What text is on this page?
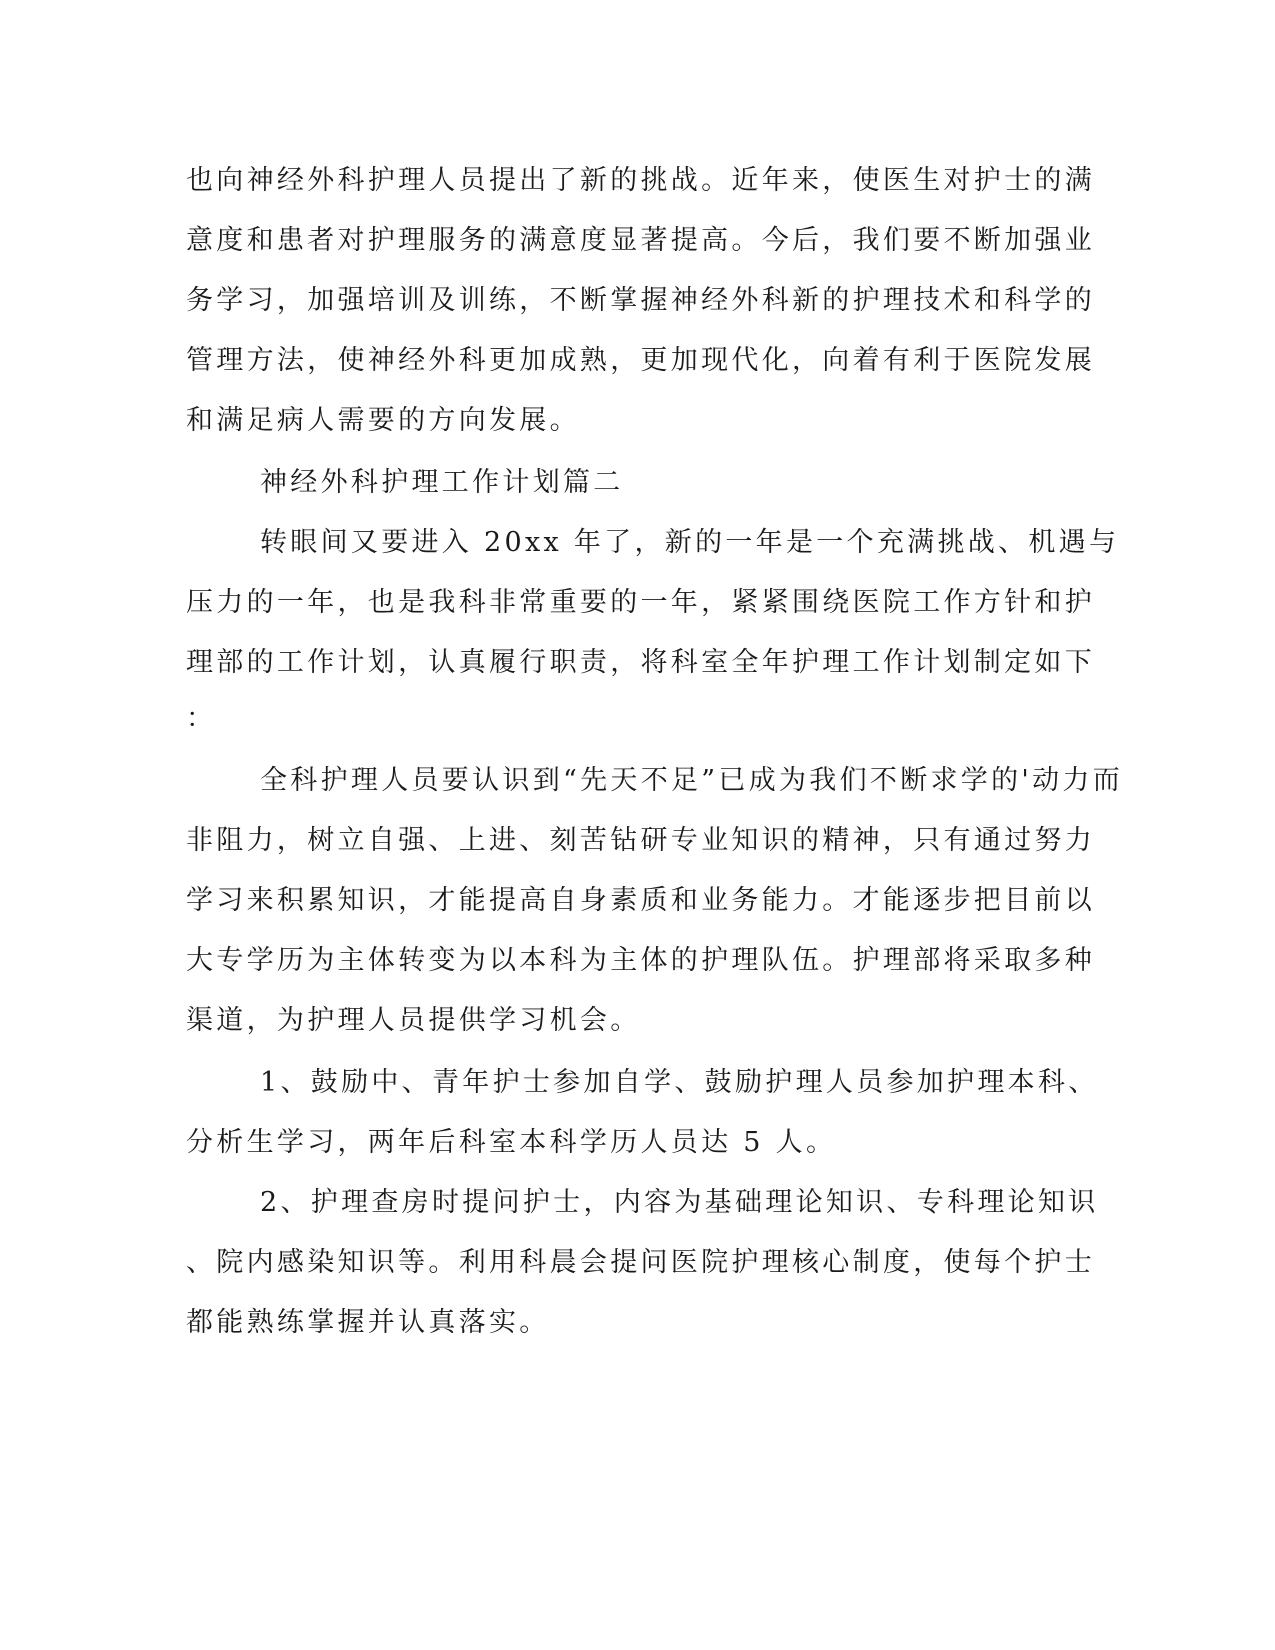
也向神经外科护理人员提出了新的挑战。近年来，使医生对护士的满

意度和患者对护理服务的满意度显著提高。今后，我们要不断加强业

务学习，加强培训及训练，不断掌握神经外科新的护理技术和科学的

管理方法，使神经外科更加成熟，更加现代化，向着有利于医院发展

和满足病人需要的方向发展。

神经外科护理工作计划篇二

转眼间又要进入 20xx 年了，新的一年是一个充满挑战、机遇与

压力的一年，也是我科非常重要的一年，紧紧围绕医院工作方针和护

理部的工作计划，认真履行职责，将科室全年护理工作计划制定如下

：

全科护理人员要认识到“先天不足”已成为我们不断求学的'动力而

非阻力，树立自强、上进、刻苦钻研专业知识的精神，只有通过努力

学习来积累知识，才能提高自身素质和业务能力。才能逐步把目前以

大专学历为主体转变为以本科为主体的护理队伍。护理部将采取多种

渠道，为护理人员提供学习机会。

1、鼓励中、青年护士参加自学、鼓励护理人员参加护理本科、

分析生学习，两年后科室本科学历人员达 5 人。

2、护理查房时提问护士，内容为基础理论知识、专科理论知识

、院内感染知识等。利用科晨会提问医院护理核心制度，使每个护士

都能熟练掌握并认真落实。
